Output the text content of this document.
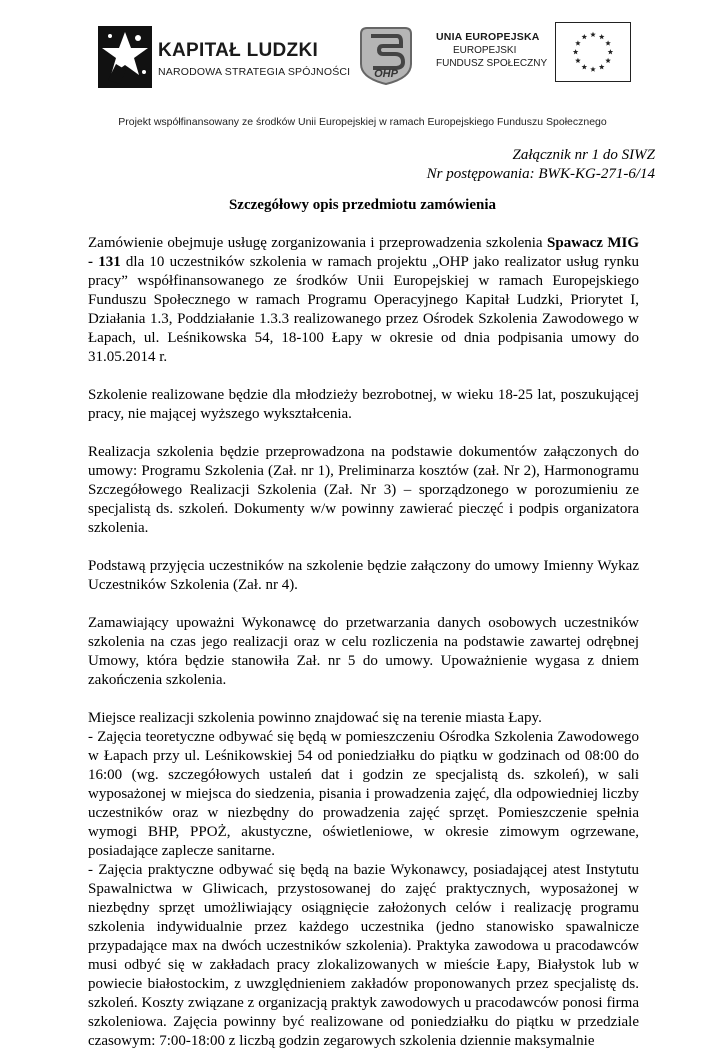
KAPITAŁ LUDZKI
NARODOWA STRATEGIA SPÓJNOŚCI OHP
UNIA EUROPEJSKA
EUROPEJSKI
FUNDUSZ SPOŁECZNY
Projekt współfinansowany ze środków Unii Europejskiej w ramach Europejskiego Funduszu Społecznego
Załącznik nr 1 do SIWZ
Nr postępowania: BWK-KG-271-6/14
Szczegółowy opis przedmiotu zamówienia

Zamówienie obejmuje usługę zorganizowania i przeprowadzenia szkolenia Spawacz MIG - 131 dla 10 uczestników szkolenia w ramach projektu „OHP jako realizator usług rynku pracy” współfinansowanego ze środków Unii Europejskiej w ramach Europejskiego Funduszu Społecznego w ramach Programu Operacyjnego Kapitał Ludzki, Priorytet I, Działania 1.3, Poddziałanie 1.3.3 realizowanego przez Ośrodek Szkolenia Zawodowego w Łapach, ul. Leśnikowska 54, 18-100 Łapy w okresie od dnia podpisania umowy do 31.05.2014 r.

Szkolenie realizowane będzie dla młodzieży bezrobotnej, w wieku 18-25 lat, poszukującej pracy, nie mającej wyższego wykształcenia.

Realizacja szkolenia będzie przeprowadzona na podstawie dokumentów załączonych do umowy: Programu Szkolenia (Zał. nr 1), Preliminarza kosztów (zał. Nr 2), Harmonogramu Szczegółowego Realizacji Szkolenia (Zał. Nr 3) – sporządzonego w porozumieniu ze specjalistą ds. szkoleń. Dokumenty w/w powinny zawierać pieczęć i podpis organizatora szkolenia.

Podstawą przyjęcia uczestników na szkolenie będzie załączony do umowy Imienny Wykaz Uczestników Szkolenia (Zał. nr 4).

Zamawiający upoważni Wykonawcę do przetwarzania danych osobowych uczestników szkolenia na czas jego realizacji oraz w celu rozliczenia na podstawie zawartej odrębnej Umowy, która będzie stanowiła Zał. nr 5 do umowy. Upoważnienie wygasa z dniem zakończenia szkolenia.

Miejsce realizacji szkolenia powinno znajdować się na terenie miasta Łapy.

- Zajęcia teoretyczne odbywać się będą w pomieszczeniu Ośrodka Szkolenia Zawodowego w Łapach przy ul. Leśnikowskiej 54 od poniedziałku do piątku w godzinach od 08:00 do 16:00 (wg. szczegółowych ustaleń dat i godzin ze specjalistą ds. szkoleń), w sali wyposażonej w miejsca do siedzenia, pisania i prowadzenia zajęć, dla odpowiedniej liczby uczestników oraz w niezbędny do prowadzenia zajęć sprzęt. Pomieszczenie spełnia wymogi BHP, PPOŻ, akustyczne, oświetleniowe, w okresie zimowym ogrzewane, posiadające zaplecze sanitarne.

- Zajęcia praktyczne odbywać się będą na bazie Wykonawcy, posiadającej atest Instytutu Spawalnictwa w Gliwicach, przystosowanej do zajęć praktycznych, wyposażonej w niezbędny sprzęt umożliwiający osiągnięcie założonych celów i realizację programu szkolenia indywidualnie przez każdego uczestnika (jedno stanowisko spawalnicze przypadające max na dwóch uczestników szkolenia). Praktyka zawodowa u pracodawców musi odbyć się w zakładach pracy zlokalizowanych w mieście Łapy, Białystok lub w powiecie białostockim, z uwzględnieniem zakładów proponowanych przez specjalistę ds. szkoleń. Koszty związane z organizacją praktyk zawodowych u pracodawców ponosi firma szkoleniowa. Zajęcia powinny być realizowane od poniedziałku do piątku w przedziale czasowym: 7:00-18:00 z liczbą godzin zegarowych szkolenia dziennie maksymalnie
